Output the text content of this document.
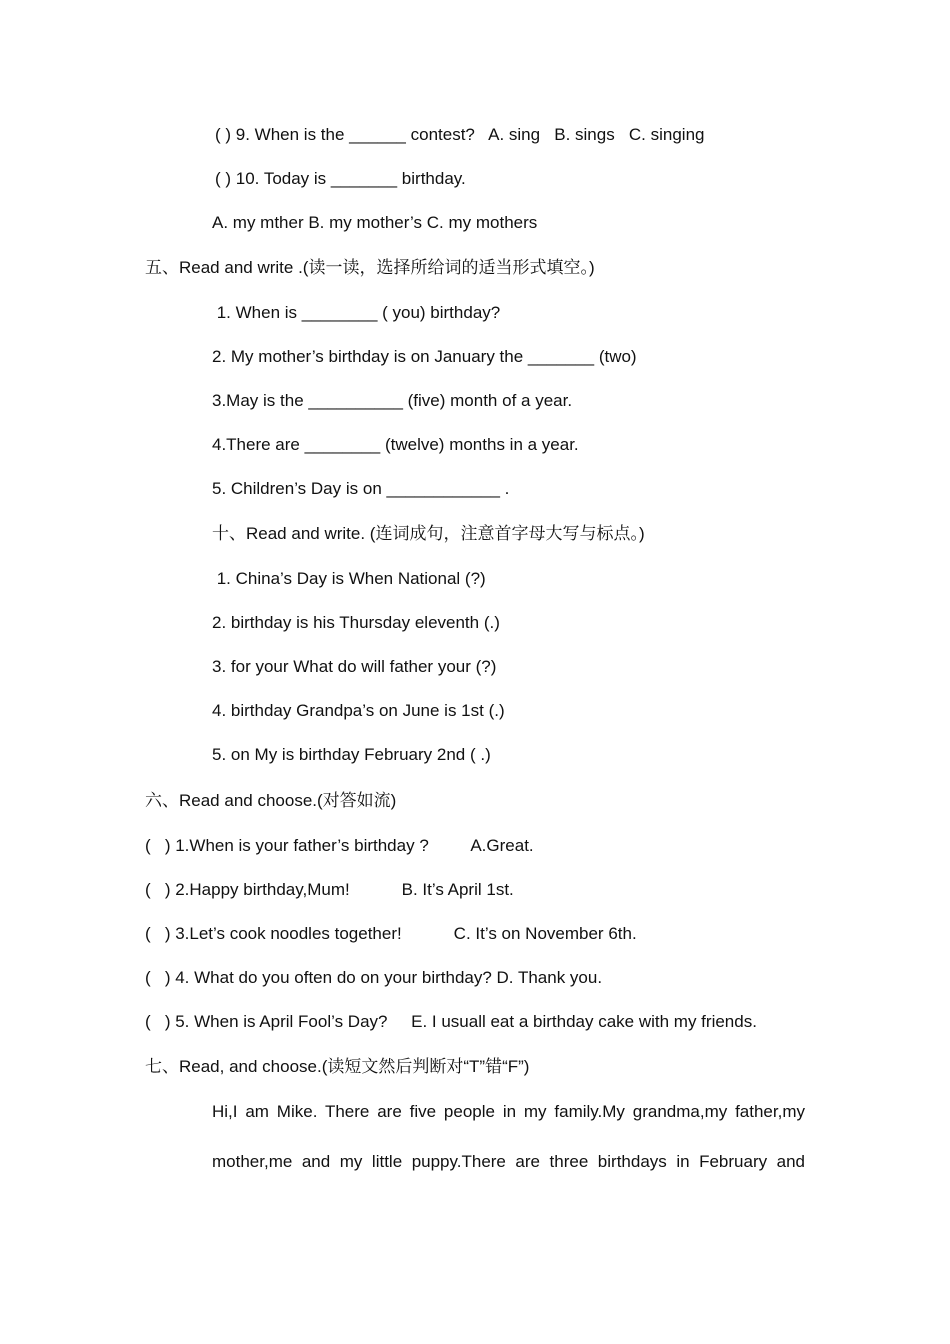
( ) 9. When is the ______ contest?   A. sing   B. sings   C. singing
( ) 10. Today is _______ birthday.
A. my mther B. my mother’s C. my mothers
五、Read and write .(读一读，选择所给词的适当形式填空。)
1. When is ________ ( you) birthday?
2. My mother’s birthday is on January the _______ (two)
3.May is the __________ (five) month of a year.
4.There are ________ (twelve) months in a year.
5. Children’s Day is on ____________ .
十、Read and write. (连词成句，注意首字母大写与标点。)
1. China’s Day is When National (?)
2. birthday is his Thursday eleventh (.)
3. for your What do will father your (?)
4. birthday Grandpa’s on June is 1st (.)
5. on My is birthday February 2nd ( .)
六、Read and choose.(对答如流)
(   ) 1.When is your father’s birthday ?         A.Great.
(   ) 2.Happy birthday,Mum!           B. It’s April 1st.
(   ) 3.Let’s cook noodles together!           C. It’s on November 6th.
(   ) 4. What do you often do on your birthday? D. Thank you.
(   ) 5. When is April Fool’s Day?     E. I usuall eat a birthday cake with my friends.
七、Read, and choose.(读短文然后判断对“T”错“F”)
Hi,I am Mike. There are five people in my family.My grandma,my father,my
mother,me and my little puppy.There are three birthdays in February and
